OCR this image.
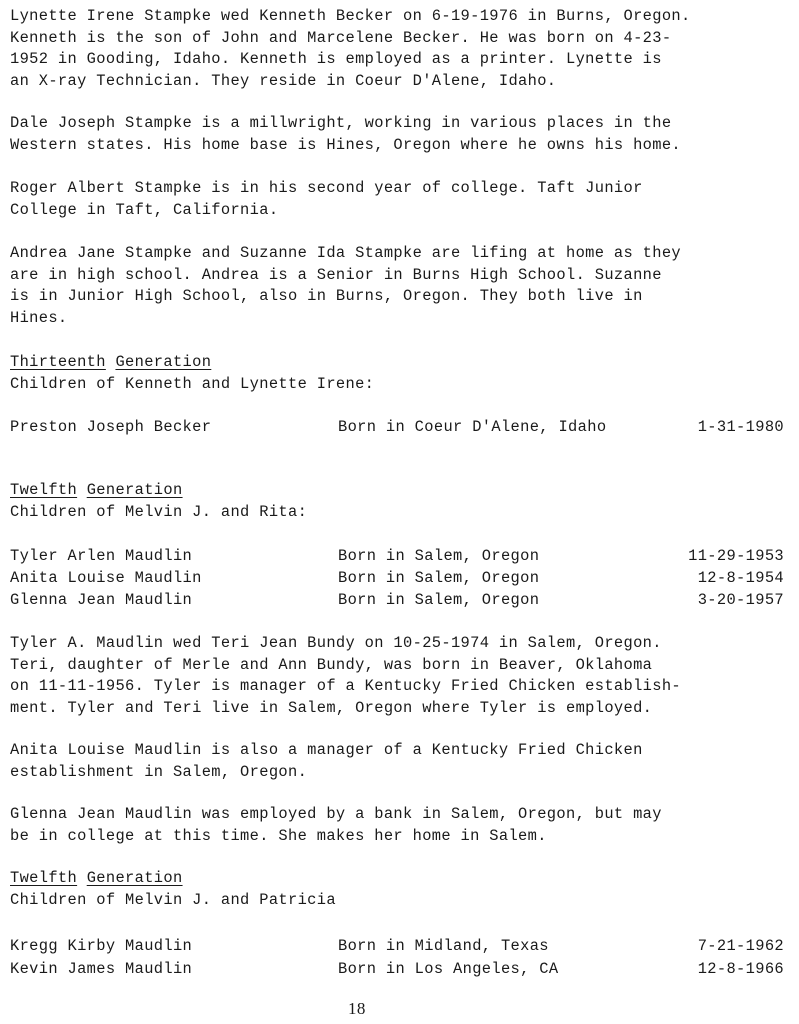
Lynette Irene Stampke wed Kenneth Becker on 6-19-1976 in Burns, Oregon.
Kenneth is the son of John and Marcelene Becker. He was born on 4-23-
1952 in Gooding, Idaho. Kenneth is employed as a printer. Lynette is
an X-ray Technician. They reside in Coeur D'Alene, Idaho.
Dale Joseph Stampke is a millwright, working in various places in the
Western states. His home base is Hines, Oregon where he owns his home.
Roger Albert Stampke is in his second year of college. Taft Junior
College in Taft, California.
Andrea Jane Stampke and Suzanne Ida Stampke are lifing at home as they
are in high school. Andrea is a Senior in Burns High School. Suzanne
is in Junior High School, also in Burns, Oregon. They both live in
Hines.
Thirteenth Generation
Children of Kenneth and Lynette Irene:
Preston Joseph Becker	Born in Coeur D'Alene, Idaho	1-31-1980
Twelfth Generation
Children of Melvin J. and Rita:
Tyler Arlen Maudlin	Born in Salem, Oregon	11-29-1953
Anita Louise Maudlin	Born in Salem, Oregon	12-8-1954
Glenna Jean Maudlin	Born in Salem, Oregon	3-20-1957
Tyler A. Maudlin wed Teri Jean Bundy on 10-25-1974 in Salem, Oregon.
Teri, daughter of Merle and Ann Bundy, was born in Beaver, Oklahoma
on 11-11-1956. Tyler is manager of a Kentucky Fried Chicken establish-
ment. Tyler and Teri live in Salem, Oregon where Tyler is employed.
Anita Louise Maudlin is also a manager of a Kentucky Fried Chicken
establishment in Salem, Oregon.
Glenna Jean Maudlin was employed by a bank in Salem, Oregon, but may
be in college at this time. She makes her home in Salem.
Twelfth Generation
Children of Melvin J. and Patricia
Kregg Kirby Maudlin	Born in Midland, Texas	7-21-1962
Kevin James Maudlin	Born in Los Angeles, CA	12-8-1966
18
